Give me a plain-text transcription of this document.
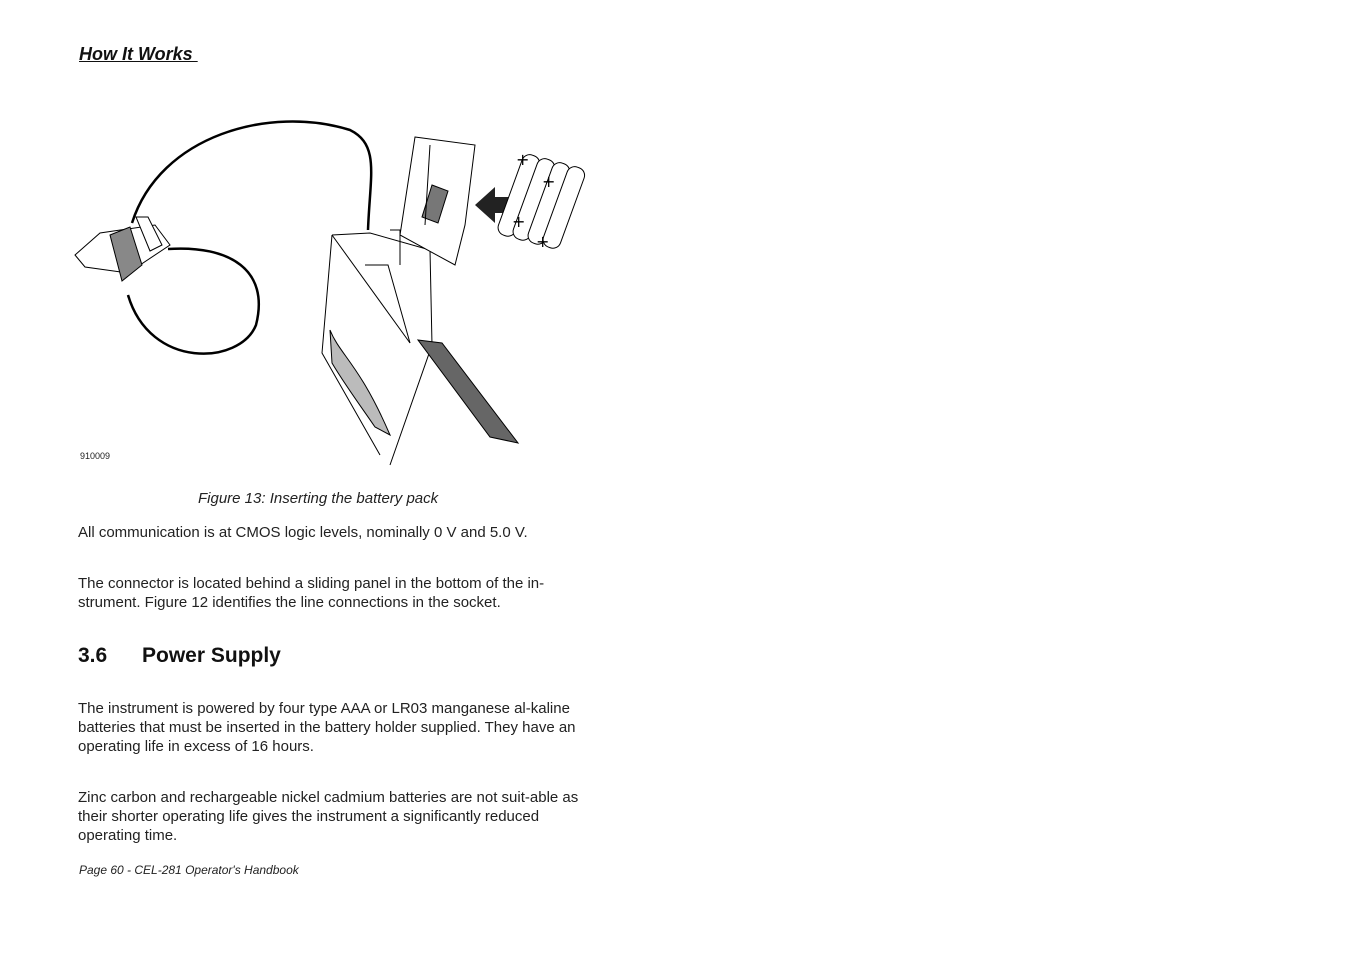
How It Works
+
+
+
+
910009
Figure 13: Inserting the battery pack
All communication is at CMOS logic levels, nominally 0 V and 5.0 V.
The connector is located behind a sliding panel in the bottom of the in-strument. Figure 12 identifies the line connections in the socket.
3.6 Power Supply
The instrument is powered by four type AAA or LR03 manganese al-kaline batteries that must be inserted in the battery holder supplied. They have an operating life in excess of 16 hours.
Zinc carbon and rechargeable nickel cadmium batteries are not suit-able as their shorter operating life gives the instrument a significantly reduced operating time.
Page 60 - CEL-281 Operator's Handbook
